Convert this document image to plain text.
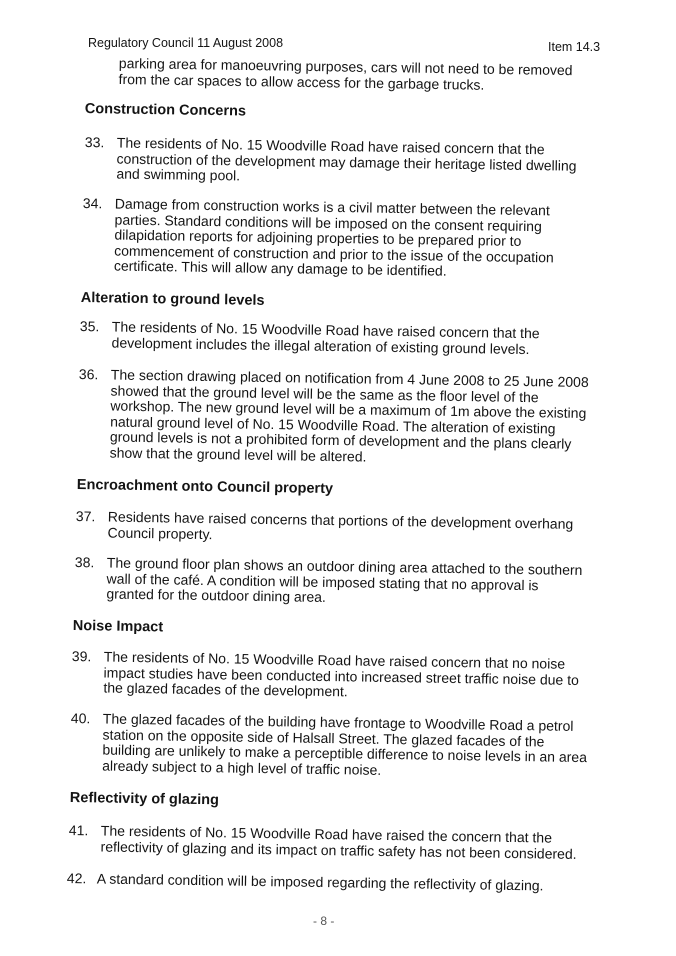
Regulatory Council 11 August 2008	Item 14.3
parking area for manoeuvring purposes, cars will not need to be removed from the car spaces to allow access for the garbage trucks.
Construction Concerns
33. The residents of No. 15 Woodville Road have raised concern that the construction of the development may damage their heritage listed dwelling and swimming pool.
34. Damage from construction works is a civil matter between the relevant parties. Standard conditions will be imposed on the consent requiring dilapidation reports for adjoining properties to be prepared prior to commencement of construction and prior to the issue of the occupation certificate. This will allow any damage to be identified.
Alteration to ground levels
35. The residents of No. 15 Woodville Road have raised concern that the development includes the illegal alteration of existing ground levels.
36. The section drawing placed on notification from 4 June 2008 to 25 June 2008 showed that the ground level will be the same as the floor level of the workshop. The new ground level will be a maximum of 1m above the existing natural ground level of No. 15 Woodville Road. The alteration of existing ground levels is not a prohibited form of development and the plans clearly show that the ground level will be altered.
Encroachment onto Council property
37. Residents have raised concerns that portions of the development overhang Council property.
38. The ground floor plan shows an outdoor dining area attached to the southern wall of the café. A condition will be imposed stating that no approval is granted for the outdoor dining area.
Noise Impact
39. The residents of No. 15 Woodville Road have raised concern that no noise impact studies have been conducted into increased street traffic noise due to the glazed facades of the development.
40. The glazed facades of the building have frontage to Woodville Road a petrol station on the opposite side of Halsall Street. The glazed facades of the building are unlikely to make a perceptible difference to noise levels in an area already subject to a high level of traffic noise.
Reflectivity of glazing
41. The residents of No. 15 Woodville Road have raised the concern that the reflectivity of glazing and its impact on traffic safety has not been considered.
42. A standard condition will be imposed regarding the reflectivity of glazing.
- 8 -
